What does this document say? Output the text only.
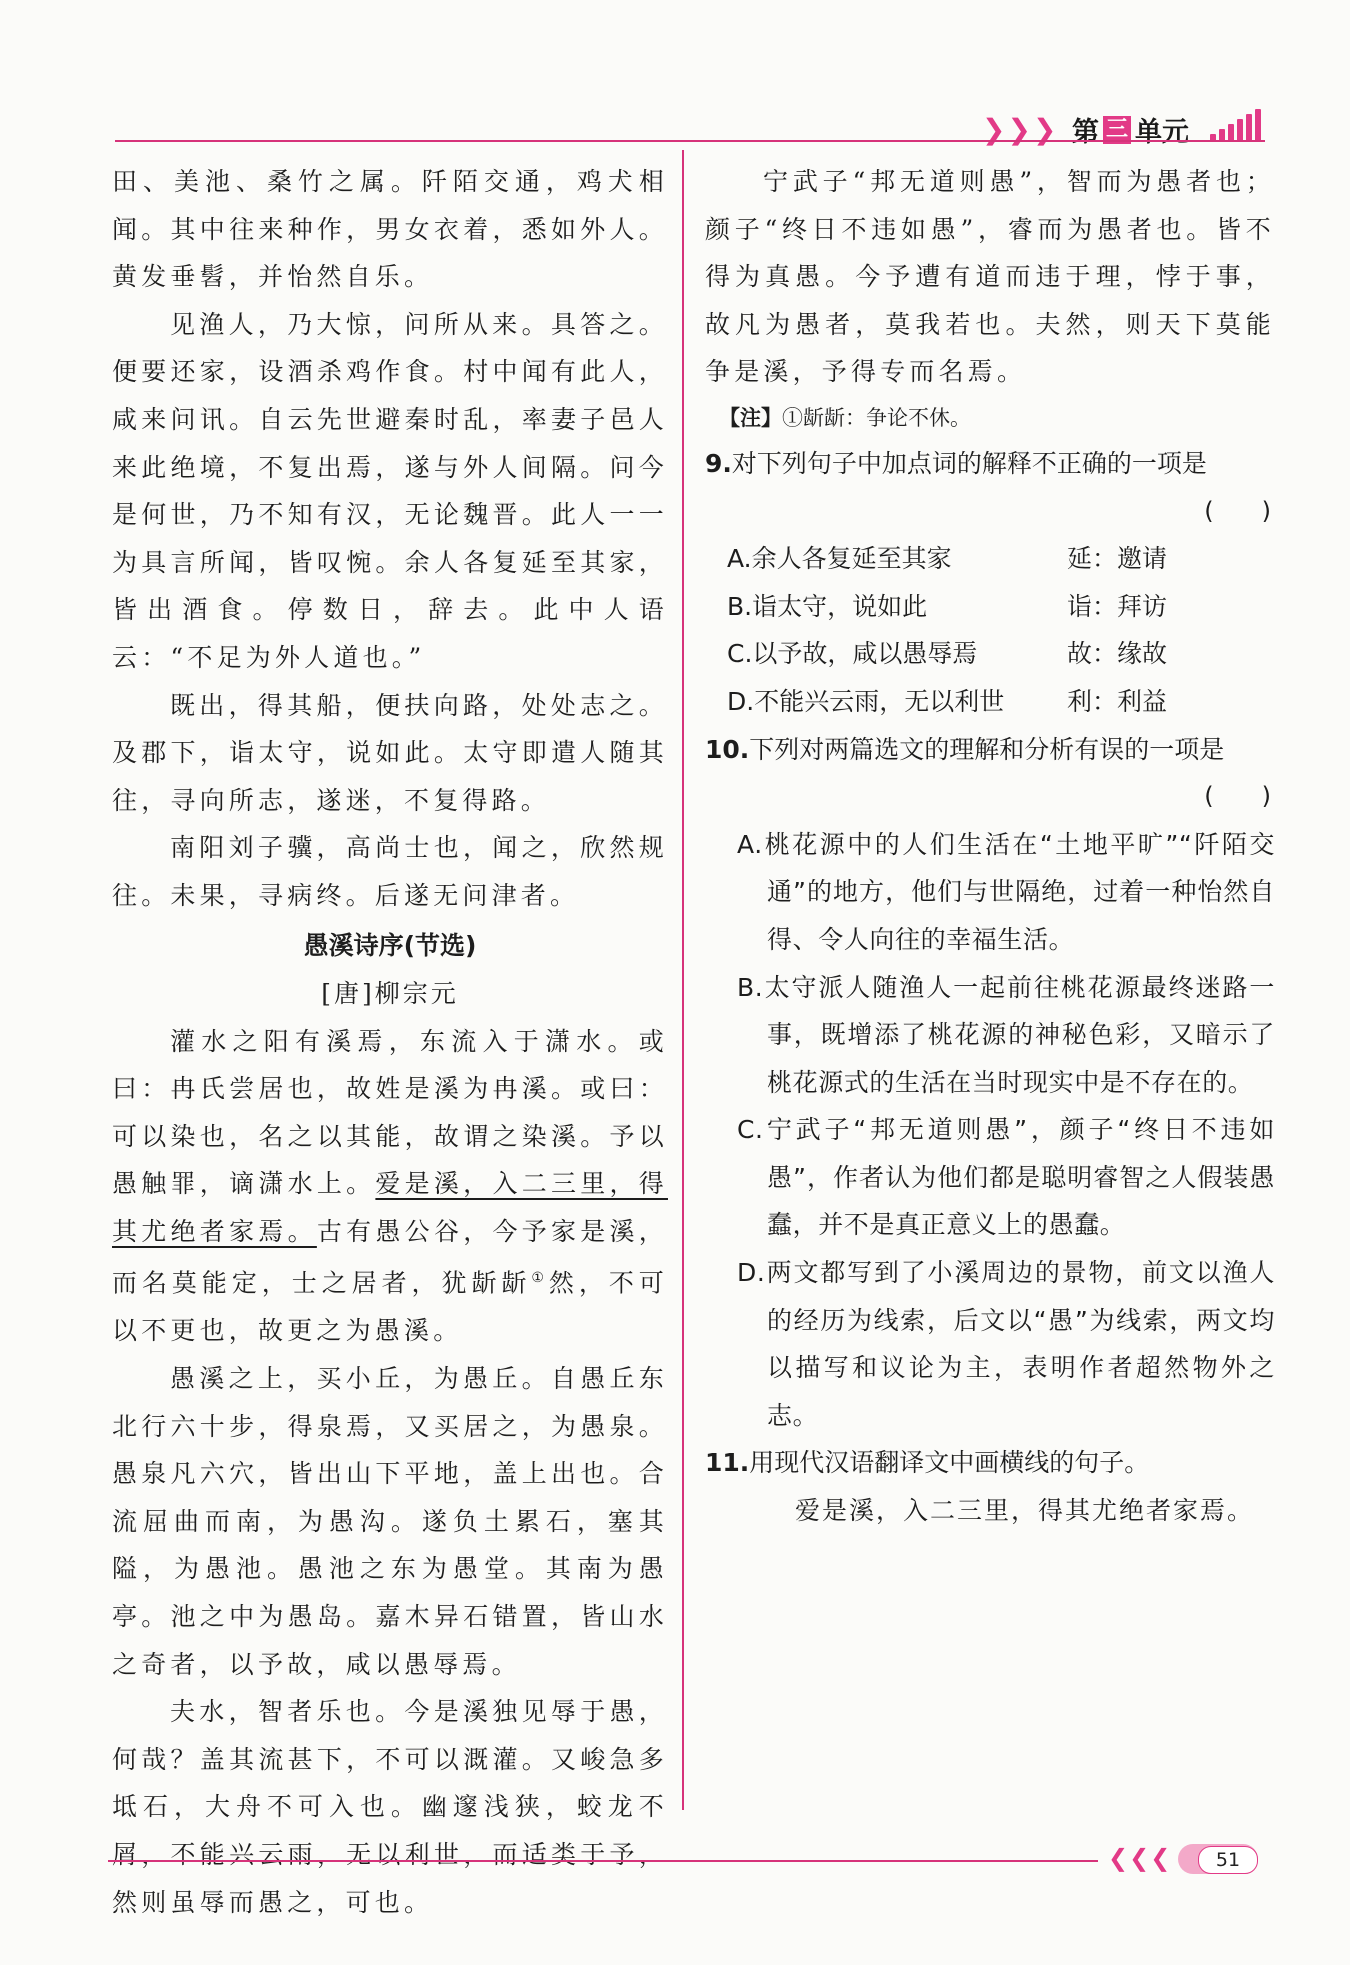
❯ ❯ ❯ 第 三 单元

田、美池、桑竹之属。阡陌交通，鸡犬相闻。其中往来种作，男女衣着，悉如外人。黄发垂髫，并怡然自乐。

见渔人，乃大惊，问所从来。具答之。便要还家，设酒杀鸡作食。村中闻有此人，咸来问讯。自云先世避秦时乱，率妻子邑人来此绝境，不复出焉，遂与外人间隔。问今是何世，乃不知有汉，无论魏晋。此人一一为具言所闻，皆叹惋。余人各复延至其家，皆出酒食。停数日，辞去。此中人语云：“不足为外人道也。”

既出，得其船，便扶向路，处处志之。及郡下，诣太守，说如此。太守即遣人随其往，寻向所志，遂迷，不复得路。

南阳刘子骥，高尚士也，闻之，欣然规往。未果，寻病终。后遂无问津者。

愚溪诗序(节选)

[唐]柳宗元

灌水之阳有溪焉，东流入于潇水。或曰：冉氏尝居也，故姓是溪为冉溪。或曰：可以染也，名之以其能，故谓之染溪。予以愚触罪，谪潇水上。爱是溪，入二三里，得其尤绝者家焉。古有愚公谷，今予家是溪，而名莫能定，士之居者，犹龂龂①然，不可以不更也，故更之为愚溪。

愚溪之上，买小丘，为愚丘。自愚丘东北行六十步，得泉焉，又买居之，为愚泉。愚泉凡六穴，皆出山下平地，盖上出也。合流屈曲而南，为愚沟。遂负土累石，塞其隘，为愚池。愚池之东为愚堂。其南为愚亭。池之中为愚岛。嘉木异石错置，皆山水之奇者，以予故，咸以愚辱焉。

夫水，智者乐也。今是溪独见辱于愚，何哉？盖其流甚下，不可以溉灌。又峻急多坻石，大舟不可入也。幽邃浅狭，蛟龙不屑，不能兴云雨，无以利世，而适类于予，然则虽辱而愚之，可也。

宁武子“邦无道则愚”，智而为愚者也；颜子“终日不违如愚”，睿而为愚者也。皆不得为真愚。今予遭有道而违于理，悖于事，故凡为愚者，莫我若也。夫然，则天下莫能争是溪，予得专而名焉。

【注】①龂龂：争论不休。

9.对下列句子中加点词的解释不正确的一项是

(　　)

A.余人各复延至其家	延：邀请
B.诣太守，说如此	诣：拜访
C.以予故，咸以愚辱焉	故：缘故
D.不能兴云雨，无以利世	利：利益

10.下列对两篇选文的理解和分析有误的一项是

(　　)

A.桃花源中的人们生活在“土地平旷”“阡陌交通”的地方，他们与世隔绝，过着一种怡然自得、令人向往的幸福生活。

B.太守派人随渔人一起前往桃花源最终迷路一事，既增添了桃花源的神秘色彩，又暗示了桃花源式的生活在当时现实中是不存在的。

C.宁武子“邦无道则愚”，颜子“终日不违如愚”，作者认为他们都是聪明睿智之人假装愚蠢，并不是真正意义上的愚蠢。

D.两文都写到了小溪周边的景物，前文以渔人的经历为线索，后文以“愚”为线索，两文均以描写和议论为主，表明作者超然物外之志。

11.用现代汉语翻译文中画横线的句子。

爱是溪，入二三里，得其尤绝者家焉。

❮ ❮ ❮	51
